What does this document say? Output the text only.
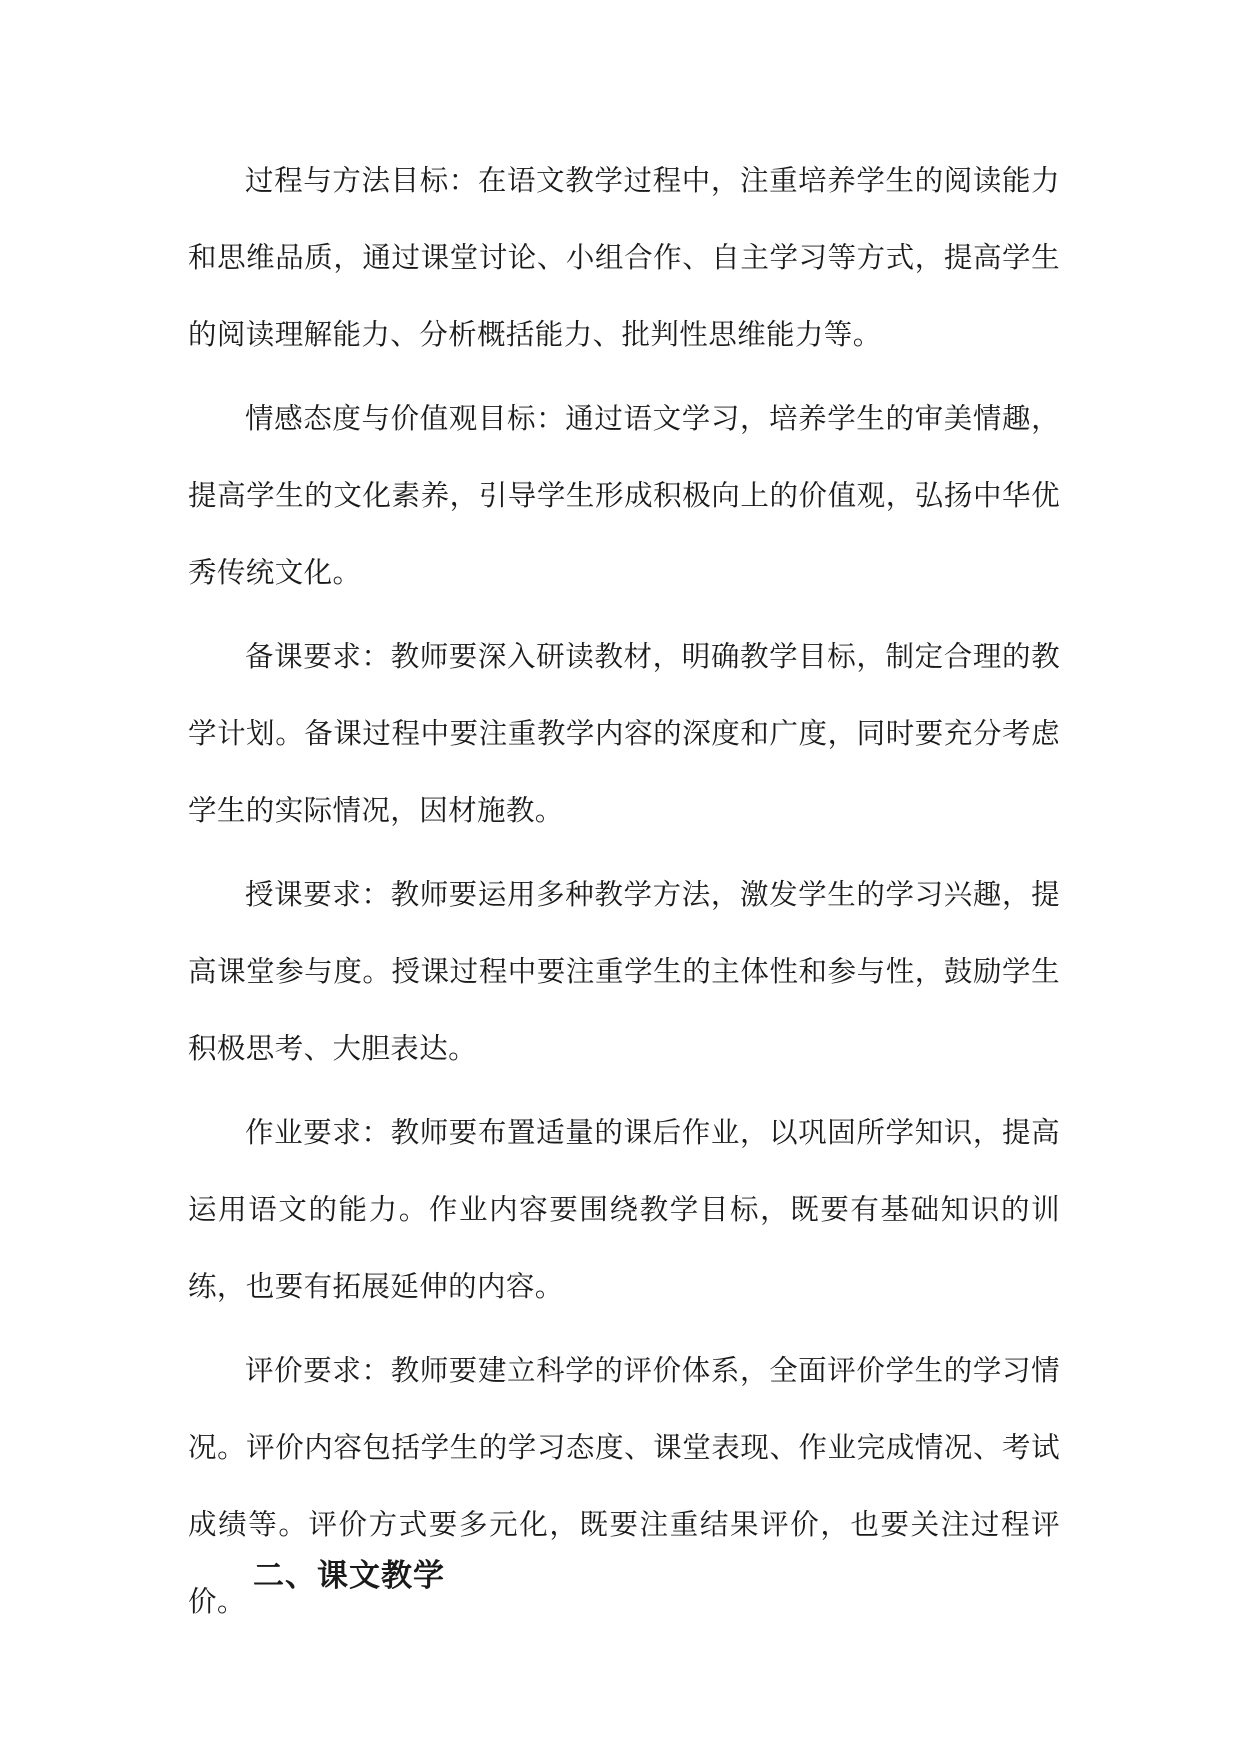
过程与方法目标：在语文教学过程中，注重培养学生的阅读能力和思维品质，通过课堂讨论、小组合作、自主学习等方式，提高学生的阅读理解能力、分析概括能力、批判性思维能力等。

情感态度与价值观目标：通过语文学习，培养学生的审美情趣，提高学生的文化素养，引导学生形成积极向上的价值观，弘扬中华优秀传统文化。

备课要求：教师要深入研读教材，明确教学目标，制定合理的教学计划。备课过程中要注重教学内容的深度和广度，同时要充分考虑学生的实际情况，因材施教。

授课要求：教师要运用多种教学方法，激发学生的学习兴趣，提高课堂参与度。授课过程中要注重学生的主体性和参与性，鼓励学生积极思考、大胆表达。

作业要求：教师要布置适量的课后作业，以巩固所学知识，提高运用语文的能力。作业内容要围绕教学目标，既要有基础知识的训练，也要有拓展延伸的内容。

评价要求：教师要建立科学的评价体系，全面评价学生的学习情况。评价内容包括学生的学习态度、课堂表现、作业完成情况、考试成绩等。评价方式要多元化，既要注重结果评价，也要关注过程评价。

二、课文教学
